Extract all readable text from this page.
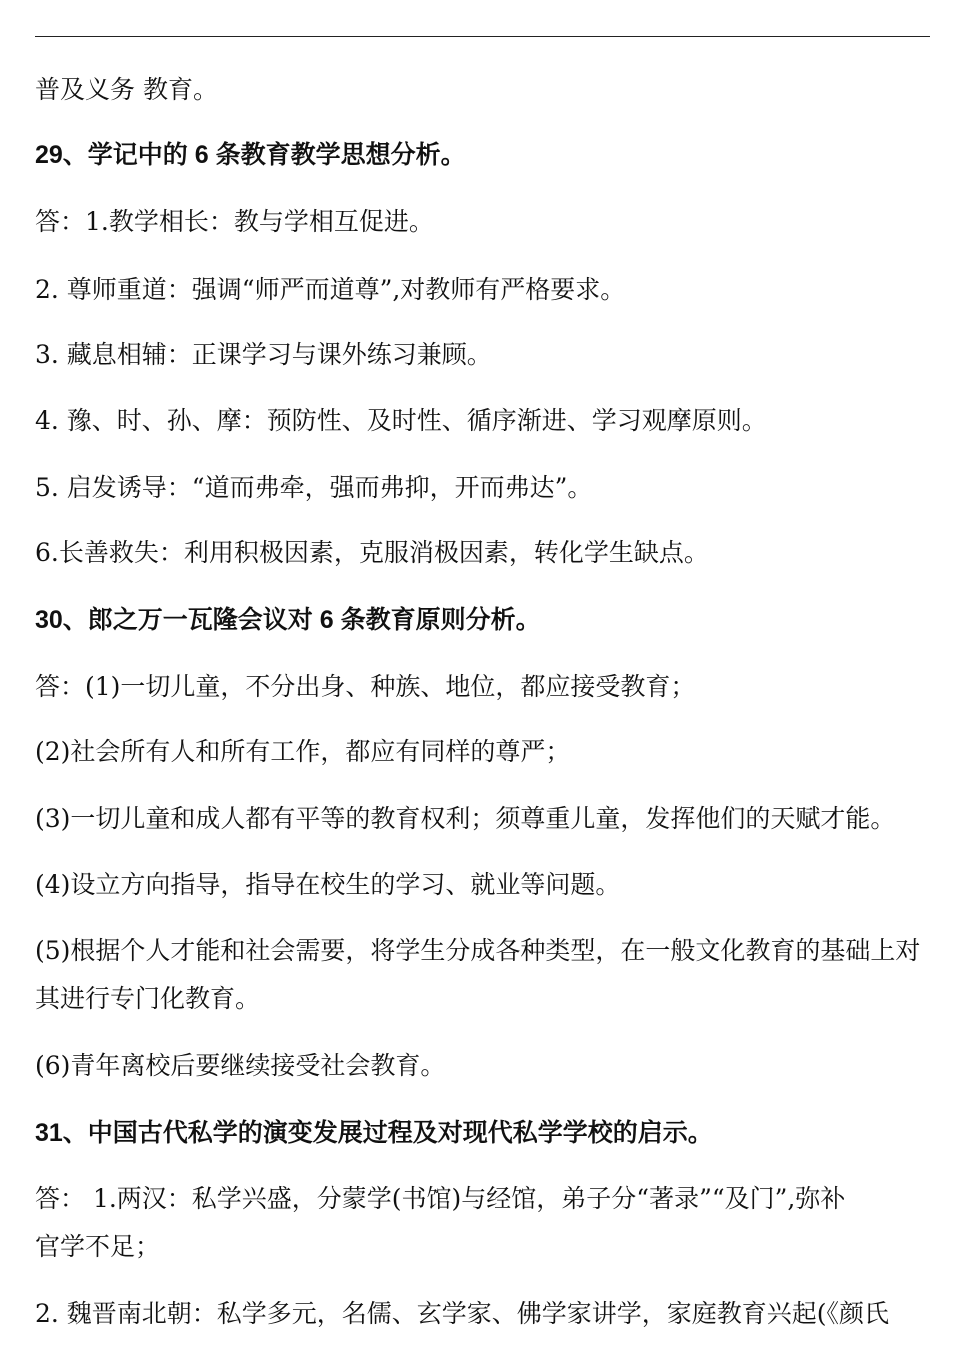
普及义务 教育。
29、学记中的 6 条教育教学思想分析。
答：1.教学相长：教与学相互促进。
2. 尊师重道：强调“师严而道尊”,对教师有严格要求。
3. 藏息相辅：正课学习与课外练习兼顾。
4. 豫、时、孙、摩：预防性、及时性、循序渐进、学习观摩原则。
5. 启发诱导：“道而弗牵，强而弗抑，开而弗达”。
6.长善救失：利用积极因素，克服消极因素，转化学生缺点。
30、郎之万一瓦隆会议对 6 条教育原则分析。
答：(1)一切儿童，不分出身、种族、地位，都应接受教育；
(2)社会所有人和所有工作，都应有同样的尊严；
(3)一切儿童和成人都有平等的教育权利；须尊重儿童，发挥他们的天赋才能。
(4)设立方向指导，指导在校生的学习、就业等问题。
(5)根据个人才能和社会需要，将学生分成各种类型，在一般文化教育的基础上对
其进行专门化教育。
(6)青年离校后要继续接受社会教育。
31、中国古代私学的演变发展过程及对现代私学学校的启示。
答： 1.两汉：私学兴盛，分蒙学(书馆)与经馆，弟子分“著录”“及门”,弥补
官学不足；
2. 魏晋南北朝：私学多元，名儒、玄学家、佛学家讲学，家庭教育兴起(《颜氏
